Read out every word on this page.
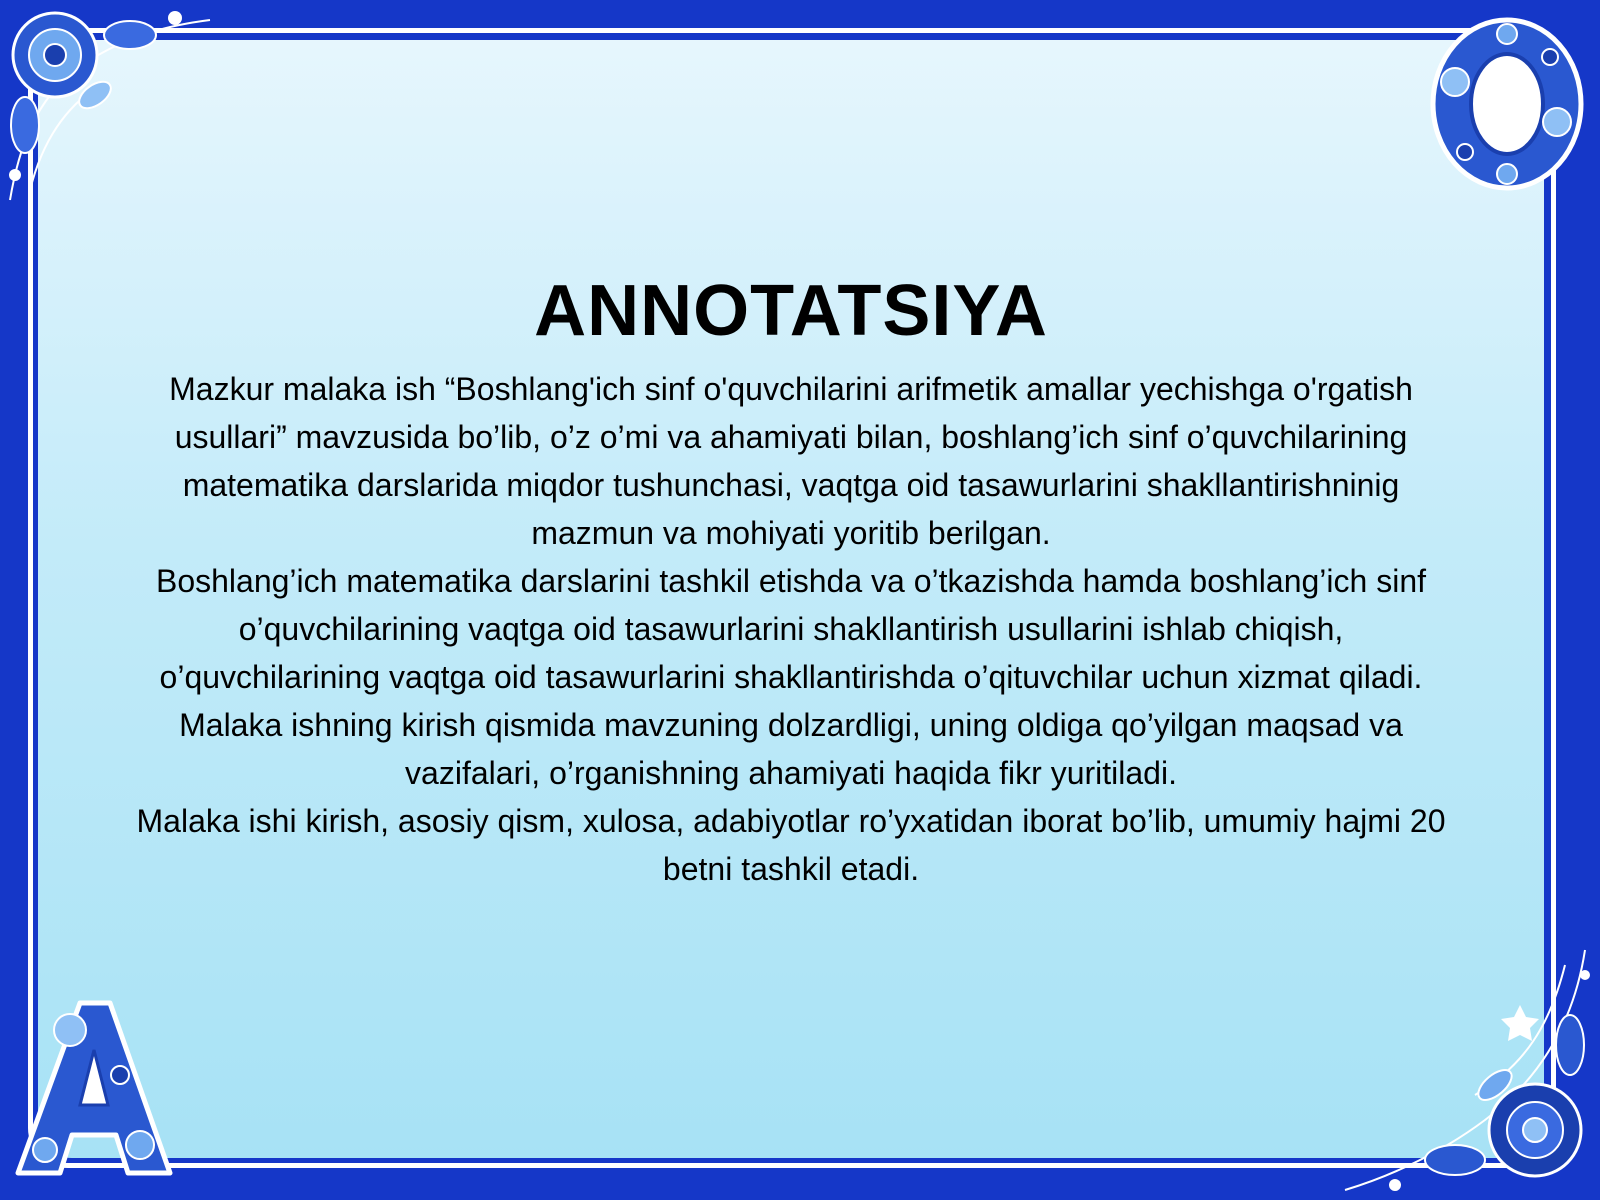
ANNOTATSIYA

Mazkur malaka ish “Boshlang'ich sinf o'quvchilarini arifmetik amallar yechishga o'rgatish usullari” mavzusida bo’lib, o’z o’mi va ahamiyati bilan, boshlang’ich sinf o’quvchilarining matematika darslarida miqdor tushunchasi, vaqtga oid tasawurlarini shakllantirishninig mazmun va mohiyati yoritib berilgan.

Boshlang’ich matematika darslarini tashkil etishda va o’tkazishda hamda boshlang’ich sinf o’quvchilarining vaqtga oid tasawurlarini shakllantirish usullarini ishlab chiqish, o’quvchilarining vaqtga oid tasawurlarini shakllantirishda o’qituvchilar uchun xizmat qiladi.

Malaka ishning kirish qismida mavzuning dolzardligi, uning oldiga qo’yilgan maqsad va vazifalari, o’rganishning ahamiyati haqida fikr yuritiladi.

Malaka ishi kirish, asosiy qism, xulosa, adabiyotlar ro’yxatidan iborat bo’lib, umumiy hajmi 20 betni tashkil etadi.
